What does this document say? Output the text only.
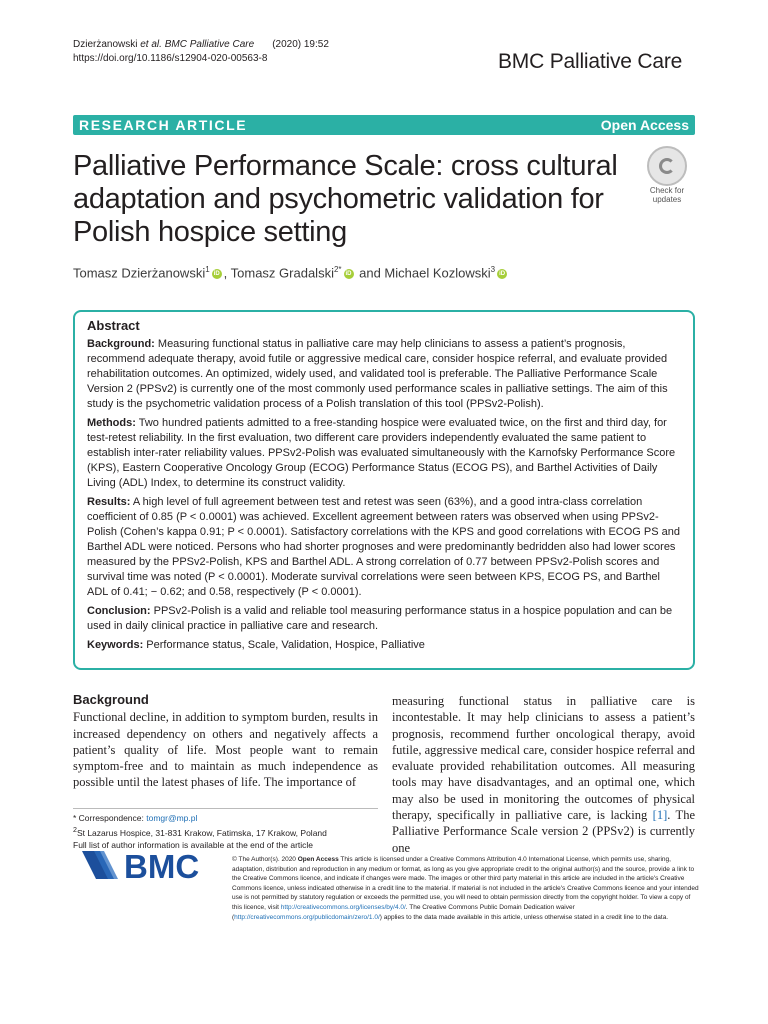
Dzierżanowski et al. BMC Palliative Care (2020) 19:52
https://doi.org/10.1186/s12904-020-00563-8	BMC Palliative Care
RESEARCH ARTICLE	Open Access
Palliative Performance Scale: cross cultural adaptation and psychometric validation for Polish hospice setting
Check for
updates
Tomasz Dzierżanowski$^1$ iD , Tomasz Gradalski$^{2*}$ iD and Michael Kozlowski$^3$ iD
Abstract

Background: Measuring functional status in palliative care may help clinicians to assess a patient’s prognosis, recommend adequate therapy, avoid futile or aggressive medical care, consider hospice referral, and evaluate provided rehabilitation outcomes. An optimized, widely used, and validated tool is preferable. The Palliative Performance Scale Version 2 (PPSv2) is currently one of the most commonly used performance scales in palliative settings. The aim of this study is the psychometric validation process of a Polish translation of this tool (PPSv2-Polish).

Methods: Two hundred patients admitted to a free-standing hospice were evaluated twice, on the first and third day, for test-retest reliability. In the first evaluation, two different care providers independently evaluated the same patient to establish inter-rater reliability values. PPSv2-Polish was evaluated simultaneously with the Karnofsky Performance Score (KPS), Eastern Cooperative Oncology Group (ECOG) Performance Status (ECOG PS), and Barthel Activities of Daily Living (ADL) Index, to determine its construct validity.

Results: A high level of full agreement between test and retest was seen (63%), and a good intra-class correlation coefficient of 0.85 (P < 0.0001) was achieved. Excellent agreement between raters was observed when using PPSv2-Polish (Cohen’s kappa 0.91; P < 0.0001). Satisfactory correlations with the KPS and good correlations with ECOG PS and Barthel ADL were noticed. Persons who had shorter prognoses and were predominantly bedridden also had lower scores measured by the PPSv2-Polish, KPS and Barthel ADL. A strong correlation of 0.77 between PPSv2-Polish scores and survival time was noted (P < 0.0001). Moderate survival correlations were seen between KPS, ECOG PS, and Barthel ADL of 0.41; − 0.62; and 0.58, respectively (P < 0.0001).

Conclusion: PPSv2-Polish is a valid and reliable tool measuring performance status in a hospice population and can be used in daily clinical practice in palliative care and research.

Keywords: Performance status, Scale, Validation, Hospice, Palliative

Background
Functional decline, in addition to symptom burden, results in increased dependency on others and negatively affects a patient’s quality of life. Most people want to remain symptom-free and to maintain as much independence as possible until the latest phases of life. The importance of
measuring functional status in palliative care is incontestable. It may help clinicians to assess a patient’s prognosis, recommend further oncological therapy, avoid futile, aggressive medical care, consider hospice referral and evaluate provided rehabilitation outcomes. All measuring tools may have disadvantages, and an optimal one, which may also be used in monitoring the outcomes of physical therapy, specifically in palliative care, is lacking [1]. The Palliative Performance Scale version 2 (PPSv2) is currently one
* Correspondence: tomgr@mp.pl
$^2$St Lazarus Hospice, 31-831 Krakow, Fatimska, 17 Krakow, Poland
Full list of author information is available at the end of the article
BMC	© The Author(s). 2020 Open Access This article is licensed under a Creative Commons Attribution 4.0 International License, which permits use, sharing, adaptation, distribution and reproduction in any medium or format, as long as you give appropriate credit to the original author(s) and the source, provide a link to the Creative Commons licence, and indicate if changes were made. The images or other third party material in this article are included in the article's Creative Commons licence, unless indicated otherwise in a credit line to the material. If material is not included in the article's Creative Commons licence and your intended use is not permitted by statutory regulation or exceeds the permitted use, you will need to obtain permission directly from the copyright holder. To view a copy of this licence, visit http://creativecommons.org/licenses/by/4.0/. The Creative Commons Public Domain Dedication waiver (http://creativecommons.org/publicdomain/zero/1.0/) applies to the data made available in this article, unless otherwise stated in a credit line to the data.
